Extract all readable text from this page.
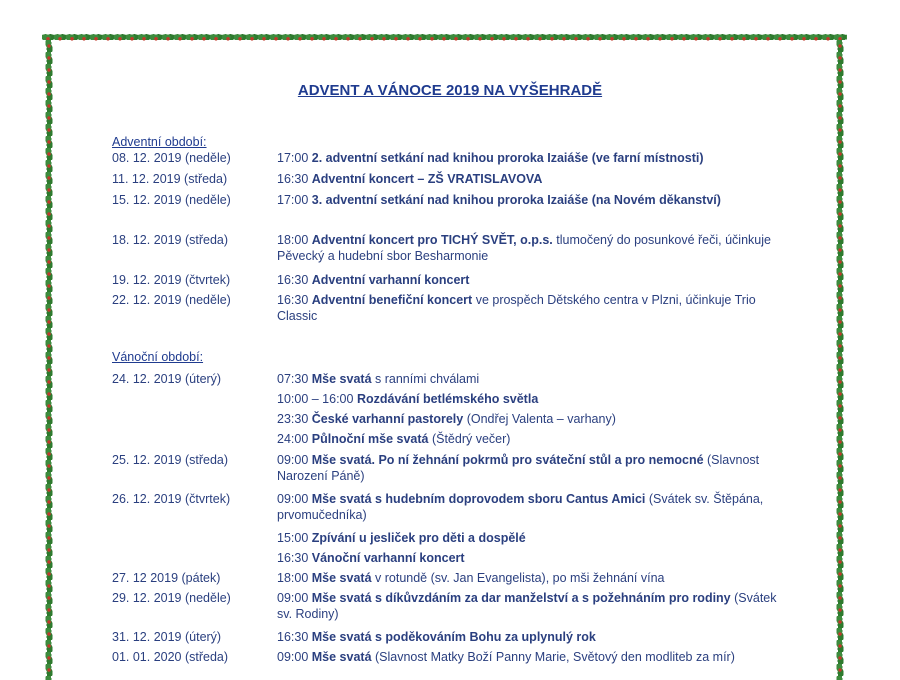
ADVENT A VÁNOCE 2019 NA VYŠEHRADĚ
Adventní období:
08. 12. 2019 (neděle)	17:00 2. adventní setkání nad knihou proroka Izaiáše (ve farní místnosti)
11. 12. 2019 (středa)	16:30 Adventní koncert – ZŠ VRATISLAVOVA
15. 12. 2019 (neděle)	17:00 3. adventní setkání nad knihou proroka Izaiáše (na Novém děkanství)
18. 12. 2019 (středa)	18:00 Adventní koncert pro TICHÝ SVĚT, o.p.s. tlumočený do posunkové řeči, účinkuje Pěvecký a hudební sbor Besharmonie
19. 12. 2019 (čtvrtek)	16:30 Adventní varhanní koncert
22. 12. 2019 (neděle)	16:30 Adventní benefiční koncert ve prospěch Dětského centra v Plzni, účinkuje Trio Classic
Vánoční období:
24. 12. 2019 (úterý)	07:30 Mše svatá s ranními chválami
10:00 – 16:00 Rozdávání betlémského světla
23:30 České varhanní pastorely (Ondřej Valenta – varhany)
24:00 Půlnoční mše svatá (Štědrý večer)
25. 12. 2019 (středa)	09:00 Mše svatá. Po ní žehnání pokrmů pro sváteční stůl a pro nemocné (Slavnost Narození Páně)
26. 12. 2019 (čtvrtek)	09:00 Mše svatá s hudebním doprovodem sboru Cantus Amici (Svátek sv. Štěpána, prvomučedníka)
15:00 Zpívání u jesliček pro děti a dospělé
16:30 Vánoční varhanní koncert
27. 12 2019 (pátek)	18:00 Mše svatá v rotundě (sv. Jan Evangelista), po mši žehnání vína
29. 12. 2019 (neděle)	09:00 Mše svatá s díkůvzdáním za dar manželství a s požehnáním pro rodiny (Svátek sv. Rodiny)
31. 12. 2019 (úterý)	16:30 Mše svatá s poděkováním Bohu za uplynulý rok
01. 01. 2020 (středa)	09:00 Mše svatá (Slavnost Matky Boží Panny Marie, Světový den modliteb za mír)
